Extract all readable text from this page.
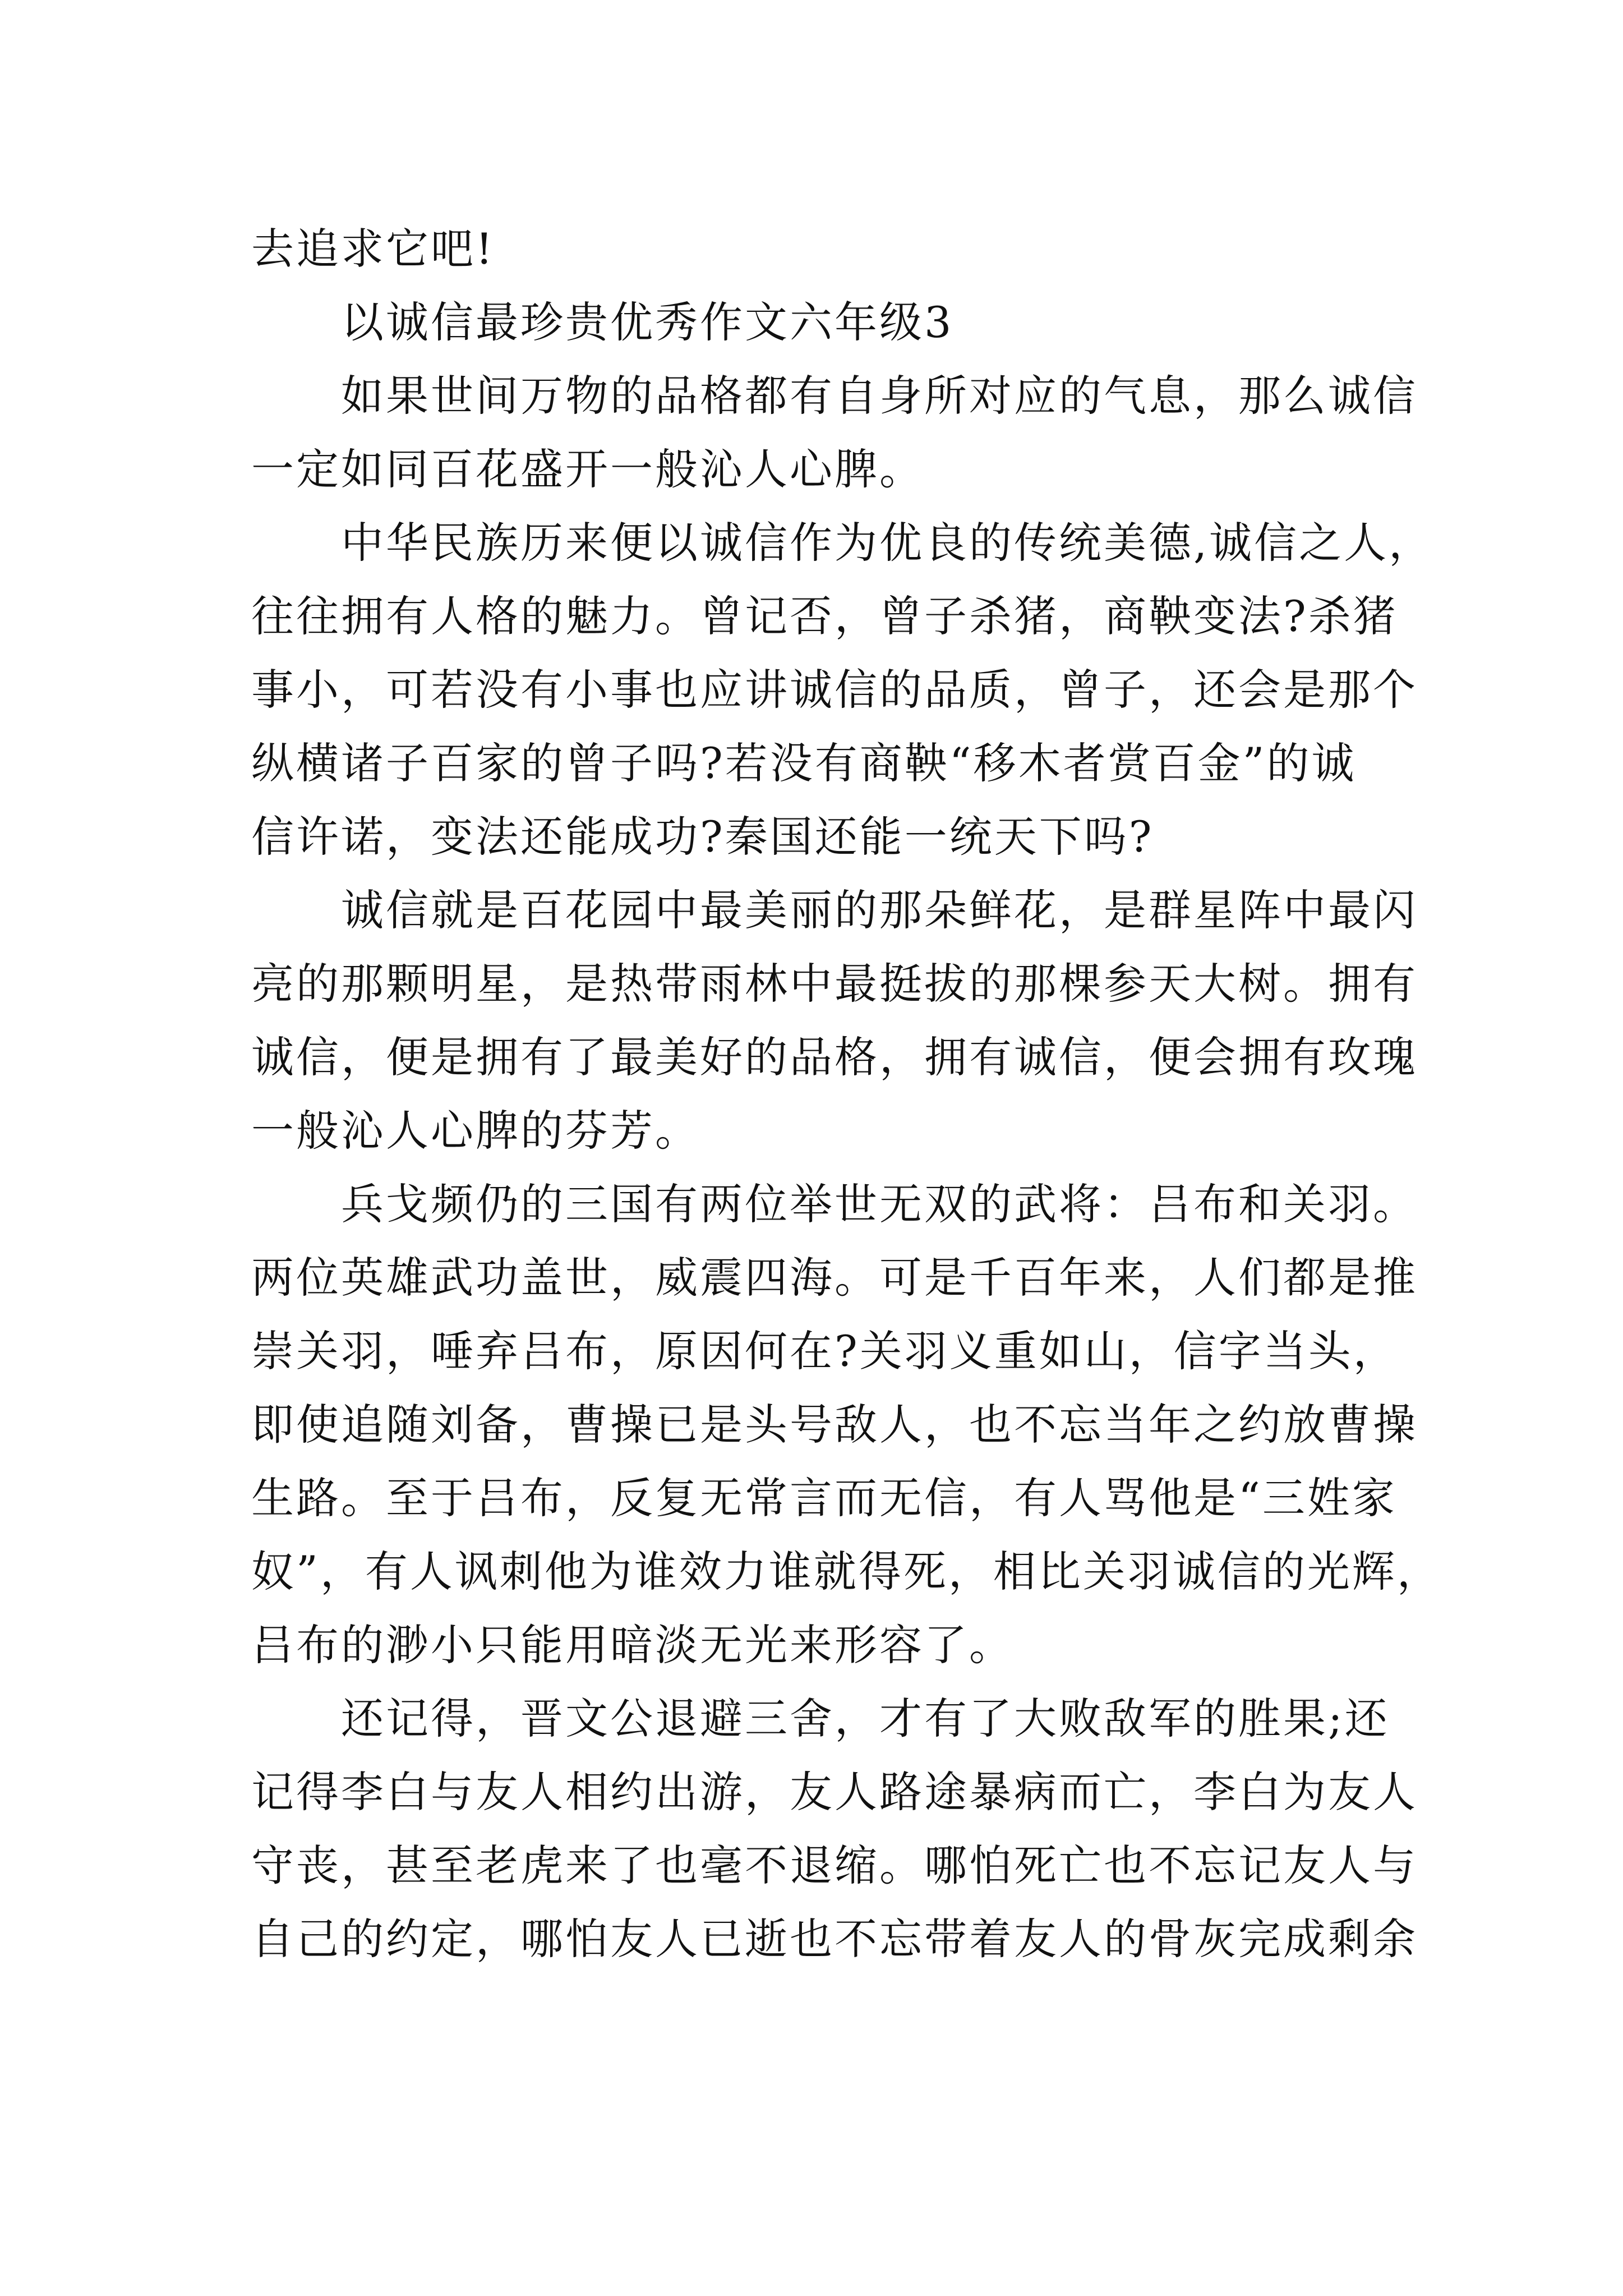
去追求它吧!
以诚信最珍贵优秀作文六年级3
如果世间万物的品格都有自身所对应的气息，那么诚信
一定如同百花盛开一般沁人心脾。
中华民族历来便以诚信作为优良的传统美德,诚信之人，
往往拥有人格的魅力。曾记否，曾子杀猪，商鞅变法?杀猪
事小，可若没有小事也应讲诚信的品质，曾子，还会是那个
纵横诸子百家的曾子吗?若没有商鞅“移木者赏百金”的诚
信许诺，变法还能成功?秦国还能一统天下吗?
诚信就是百花园中最美丽的那朵鲜花，是群星阵中最闪
亮的那颗明星，是热带雨林中最挺拔的那棵参天大树。拥有
诚信，便是拥有了最美好的品格，拥有诚信，便会拥有玫瑰
一般沁人心脾的芬芳。
兵戈频仍的三国有两位举世无双的武将：吕布和关羽。
两位英雄武功盖世，威震四海。可是千百年来，人们都是推
崇关羽，唾弃吕布，原因何在?关羽义重如山，信字当头，
即使追随刘备，曹操已是头号敌人，也不忘当年之约放曹操
生路。至于吕布，反复无常言而无信，有人骂他是“三姓家
奴”，有人讽刺他为谁效力谁就得死，相比关羽诚信的光辉，
吕布的渺小只能用暗淡无光来形容了。
还记得，晋文公退避三舍，才有了大败敌军的胜果;还
记得李白与友人相约出游，友人路途暴病而亡，李白为友人
守丧，甚至老虎来了也毫不退缩。哪怕死亡也不忘记友人与
自己的约定，哪怕友人已逝也不忘带着友人的骨灰完成剩余
